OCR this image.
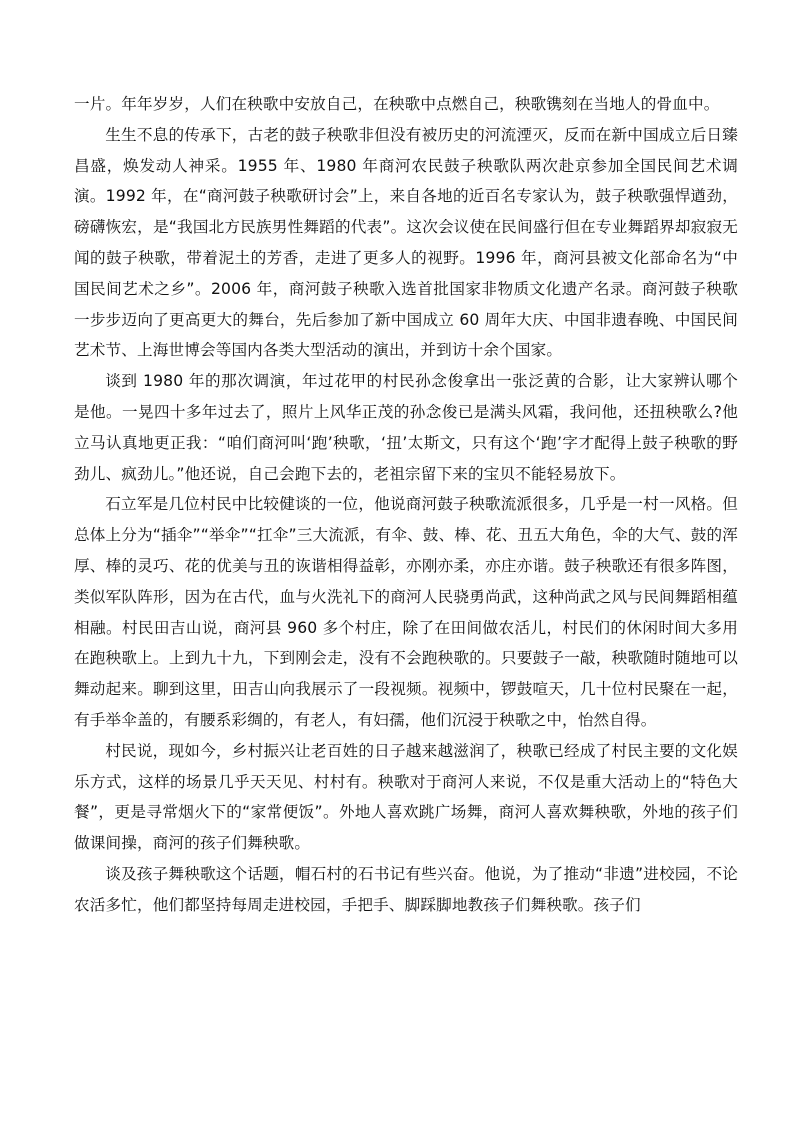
一片。年年岁岁，人们在秧歌中安放自己，在秧歌中点燃自己，秧歌镌刻在当地人的骨血中。

生生不息的传承下，古老的鼓子秧歌非但没有被历史的河流湮灭，反而在新中国成立后日臻昌盛，焕发动人神采。1955 年、1980 年商河农民鼓子秧歌队两次赴京参加全国民间艺术调演。1992 年，在“商河鼓子秧歌研讨会”上，来自各地的近百名专家认为，鼓子秧歌强悍遒劲，磅礴恢宏，是“我国北方民族男性舞蹈的代表”。这次会议使在民间盛行但在专业舞蹈界却寂寂无闻的鼓子秧歌，带着泥土的芳香，走进了更多人的视野。1996 年，商河县被文化部命名为“中国民间艺术之乡”。2006 年，商河鼓子秧歌入选首批国家非物质文化遗产名录。商河鼓子秧歌一步步迈向了更高更大的舞台，先后参加了新中国成立 60 周年大庆、中国非遗春晚、中国民间艺术节、上海世博会等国内各类大型活动的演出，并到访十余个国家。

谈到 1980 年的那次调演，年过花甲的村民孙念俊拿出一张泛黄的合影，让大家辨认哪个是他。一晃四十多年过去了，照片上风华正茂的孙念俊已是满头风霜，我问他，还扭秧歌么?他立马认真地更正我：“咱们商河叫‘跑’秧歌，‘扭’太斯文，只有这个‘跑’字才配得上鼓子秧歌的野劲儿、疯劲儿。”他还说，自己会跑下去的，老祖宗留下来的宝贝不能轻易放下。

石立军是几位村民中比较健谈的一位，他说商河鼓子秧歌流派很多，几乎是一村一风格。但总体上分为“插伞”“举伞”“扛伞”三大流派，有伞、鼓、棒、花、丑五大角色，伞的大气、鼓的浑厚、棒的灵巧、花的优美与丑的诙谐相得益彰，亦刚亦柔，亦庄亦谐。鼓子秧歌还有很多阵图，类似军队阵形，因为在古代，血与火洗礼下的商河人民骁勇尚武，这种尚武之风与民间舞蹈相蕴相融。村民田吉山说，商河县 960 多个村庄，除了在田间做农活儿，村民们的休闲时间大多用在跑秧歌上。上到九十九，下到刚会走，没有不会跑秧歌的。只要鼓子一敲，秧歌随时随地可以舞动起来。聊到这里，田吉山向我展示了一段视频。视频中，锣鼓喧天，几十位村民聚在一起，有手举伞盖的，有腰系彩绸的，有老人，有妇孺，他们沉浸于秧歌之中，怡然自得。

村民说，现如今，乡村振兴让老百姓的日子越来越滋润了，秧歌已经成了村民主要的文化娱乐方式，这样的场景几乎天天见、村村有。秧歌对于商河人来说，不仅是重大活动上的“特色大餐”，更是寻常烟火下的“家常便饭”。外地人喜欢跳广场舞，商河人喜欢舞秧歌，外地的孩子们做课间操，商河的孩子们舞秧歌。

谈及孩子舞秧歌这个话题，帽石村的石书记有些兴奋。他说，为了推动“非遗”进校园，不论农活多忙，他们都坚持每周走进校园，手把手、脚踩脚地教孩子们舞秧歌。孩子们
